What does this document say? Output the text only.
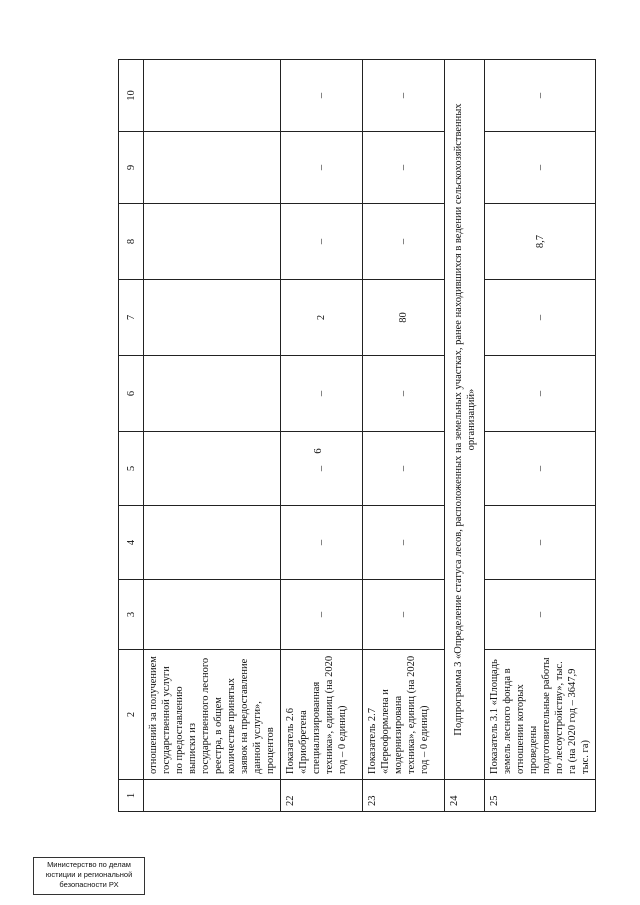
6
1	2	3	4	5	6	7	8	9	10
	отношений за получением государственной услуги по предоставлению выписки из государственного лесного реестра, в общем количестве принятых заявок на предоставление данной услуги», процентов								
22	Показатель 2.6 «Приобретена специализированная техника», единиц (на 2020 год – 0 единиц)	–	–	–	–	2	–	–	–
23	Показатель 2.7 «Переоформлена и модернизирована техника», единиц (на 2020 год – 0 единиц)	–	–	–	–	80	–	–	–
24	Подпрограмма 3 «Определение статуса лесов, расположенных на земельных участках, ранее находившихся в ведении сельскохозяйственных организаций»								
25	Показатель 3.1 «Площадь земель лесного фонда в отношении которых проведены подготовительные работы по лесоустройству», тыс. га (на 2020 год – 3647,9 тыс. га)	–	–	–	–	–	8,7	–	–
Министерство по делам
юстиции и региональной
безопасности РХ
